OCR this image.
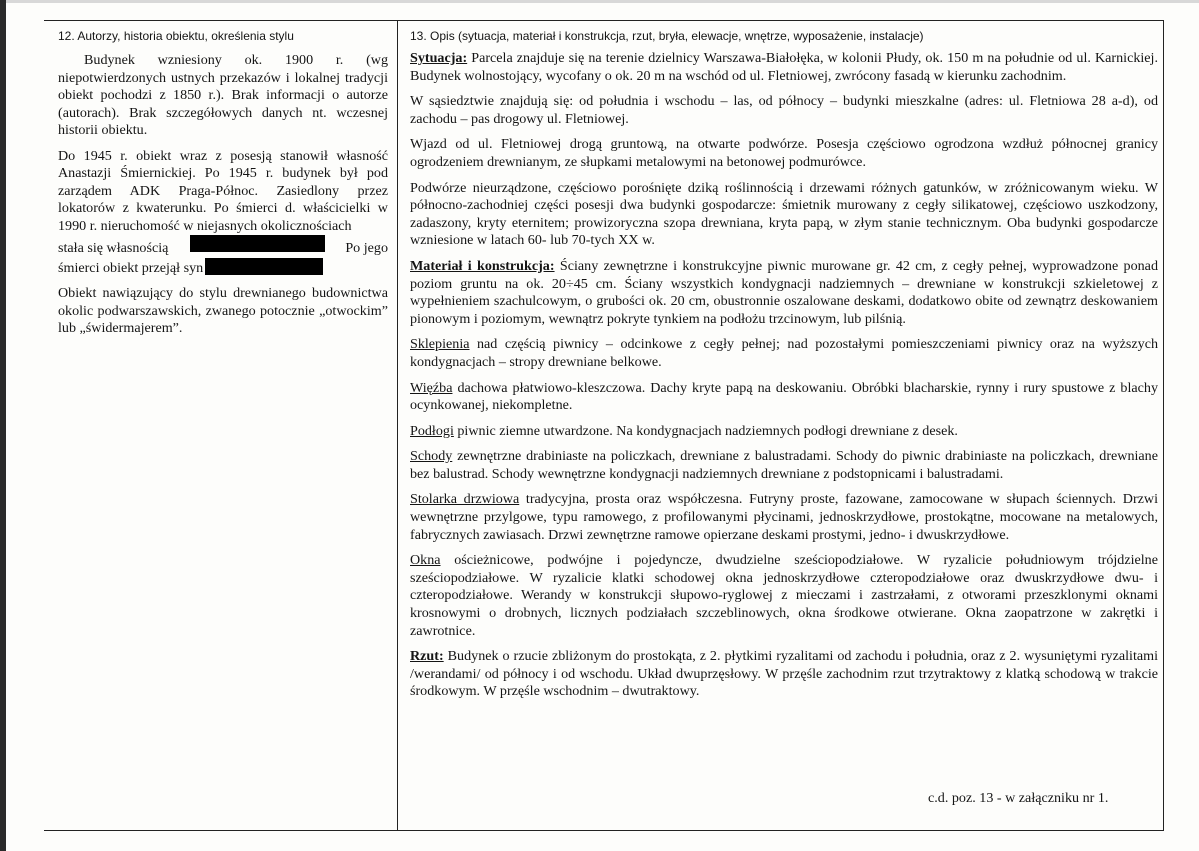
12. Autorzy, historia obiektu, określenia stylu

Budynek wzniesiony ok. 1900 r. (wg niepotwierdzonych ustnych przekazów i lokalnej tradycji obiekt pochodzi z 1850 r.). Brak informacji o autorze (autorach). Brak szczegółowych danych nt. wczesnej historii obiektu.

Do 1945 r. obiekt wraz z posesją stanowił własność Anastazji Śmiernickiej. Po 1945 r. budynek był pod zarządem ADK Praga-Północ. Zasiedlony przez lokatorów z kwaterunku. Po śmierci d. właścicielki w 1990 r. nieruchomość w niejasnych okolicznościach
stała się własnością	Po jego
śmierci obiekt przejął syn

Obiekt nawiązujący do stylu drewnianego budownictwa okolic podwarszawskich, zwanego potocznie „otwockim” lub „świdermajerem”.

13. Opis (sytuacja, materiał i konstrukcja, rzut, bryła, elewacje, wnętrze, wyposażenie, instalacje)

Sytuacja: Parcela znajduje się na terenie dzielnicy Warszawa-Białołęka, w kolonii Płudy, ok. 150 m na południe od ul. Karnickiej. Budynek wolnostojący, wycofany o ok. 20 m na wschód od ul. Fletniowej, zwrócony fasadą w kierunku zachodnim.

W sąsiedztwie znajdują się: od południa i wschodu – las, od północy – budynki mieszkalne (adres: ul. Fletniowa 28 a-d), od zachodu – pas drogowy ul. Fletniowej.

Wjazd od ul. Fletniowej drogą gruntową, na otwarte podwórze. Posesja częściowo ogrodzona wzdłuż północnej granicy ogrodzeniem drewnianym, ze słupkami metalowymi na betonowej podmurówce.

Podwórze nieurządzone, częściowo porośnięte dziką roślinnością i drzewami różnych gatunków, w zróżnicowanym wieku. W północno-zachodniej części posesji dwa budynki gospodarcze: śmietnik murowany z cegły silikatowej, częściowo uszkodzony, zadaszony, kryty eternitem; prowizoryczna szopa drewniana, kryta papą, w złym stanie technicznym. Oba budynki gospodarcze wzniesione w latach 60- lub 70-tych XX w.

Materiał i konstrukcja: Ściany zewnętrzne i konstrukcyjne piwnic murowane gr. 42 cm, z cegły pełnej, wyprowadzone ponad poziom gruntu na ok. 20÷45 cm. Ściany wszystkich kondygnacji nadziemnych – drewniane w konstrukcji szkieletowej z wypełnieniem szachulcowym, o grubości ok. 20 cm, obustronnie oszalowane deskami, dodatkowo obite od zewnątrz deskowaniem pionowym i poziomym, wewnątrz pokryte tynkiem na podłożu trzcinowym, lub pilśnią.

Sklepienia nad częścią piwnicy – odcinkowe z cegły pełnej; nad pozostałymi pomieszczeniami piwnicy oraz na wyższych kondygnacjach – stropy drewniane belkowe.

Więźba dachowa płatwiowo-kleszczowa. Dachy kryte papą na deskowaniu. Obróbki blacharskie, rynny i rury spustowe z blachy ocynkowanej, niekompletne.

Podłogi piwnic ziemne utwardzone. Na kondygnacjach nadziemnych podłogi drewniane z desek.

Schody zewnętrzne drabiniaste na policzkach, drewniane z balustradami. Schody do piwnic drabiniaste na policzkach, drewniane bez balustrad. Schody wewnętrzne kondygnacji nadziemnych drewniane z podstopnicami i balustradami.

Stolarka drzwiowa tradycyjna, prosta oraz współczesna. Futryny proste, fazowane, zamocowane w słupach ściennych. Drzwi wewnętrzne przylgowe, typu ramowego, z profilowanymi płycinami, jednoskrzydłowe, prostokątne, mocowane na metalowych, fabrycznych zawiasach. Drzwi zewnętrzne ramowe opierzane deskami prostymi, jedno- i dwuskrzydłowe.

Okna ościeżnicowe, podwójne i pojedyncze, dwudzielne sześciopodziałowe. W ryzalicie południowym trójdzielne sześciopodziałowe. W ryzalicie klatki schodowej okna jednoskrzydłowe czteropodziałowe oraz dwuskrzydłowe dwu- i czteropodziałowe. Werandy w konstrukcji słupowo-ryglowej z mieczami i zastrzałami, z otworami przeszklonymi oknami krosnowymi o drobnych, licznych podziałach szczeblinowych, okna środkowe otwierane. Okna zaopatrzone w zakrętki i zawrotnice.

Rzut: Budynek o rzucie zbliżonym do prostokąta, z 2. płytkimi ryzalitami od zachodu i południa, oraz z 2. wysuniętymi ryzalitami /werandami/ od północy i od wschodu. Układ dwuprzęsłowy. W przęśle zachodnim rzut trzytraktowy z klatką schodową w trakcie środkowym. W przęśle wschodnim – dwutraktowy.

c.d. poz. 13 - w załączniku nr 1.
